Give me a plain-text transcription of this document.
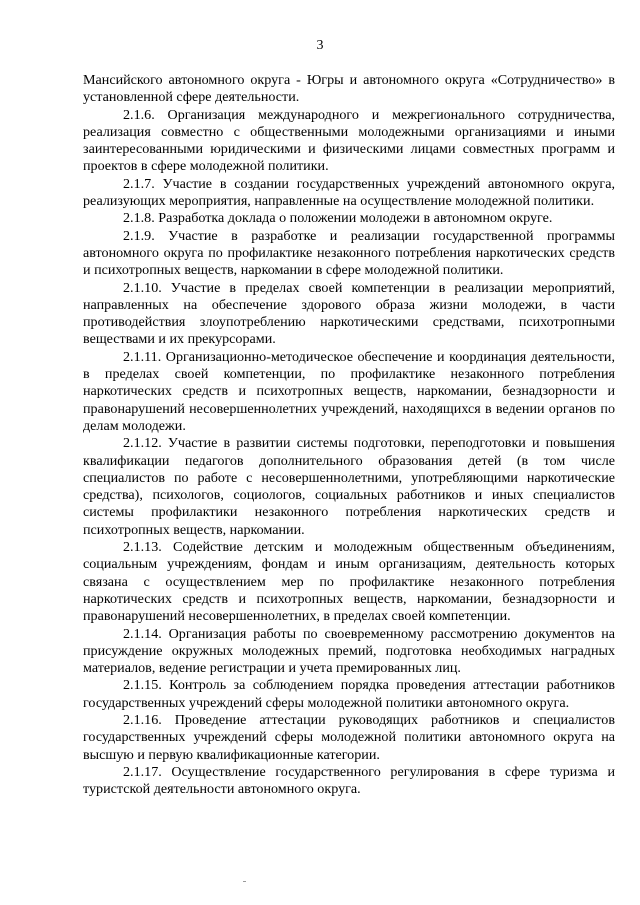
3

Мансийского автономного округа - Югры и автономного округа «Сотрудничество» в установленной сфере деятельности.

2.1.6. Организация международного и межрегионального сотрудничества, реализация совместно с общественными молодежными организациями и иными заинтересованными юридическими и физическими лицами совместных программ и проектов в сфере молодежной политики.

2.1.7. Участие в создании государственных учреждений автономного округа, реализующих мероприятия, направленные на осуществление молодежной политики.

2.1.8. Разработка доклада о положении молодежи в автономном округе.

2.1.9. Участие в разработке и реализации государственной программы автономного округа по профилактике незаконного потребления наркотических средств и психотропных веществ, наркомании в сфере молодежной политики.

2.1.10. Участие в пределах своей компетенции в реализации мероприятий, направленных на обеспечение здорового образа жизни молодежи, в части противодействия злоупотреблению наркотическими средствами, психотропными веществами и их прекурсорами.

2.1.11. Организационно-методическое обеспечение и координация деятельности, в пределах своей компетенции, по профилактике незаконного потребления наркотических средств и психотропных веществ, наркомании, безнадзорности и правонарушений несовершеннолетних учреждений, находящихся в ведении органов по делам молодежи.

2.1.12. Участие в развитии системы подготовки, переподготовки и повышения квалификации педагогов дополнительного образования детей (в том числе специалистов по работе с несовершеннолетними, употребляющими наркотические средства), психологов, социологов, социальных работников и иных специалистов системы профилактики незаконного потребления наркотических средств и психотропных веществ, наркомании.

2.1.13. Содействие детским и молодежным общественным объединениям, социальным учреждениям, фондам и иным организациям, деятельность которых связана с осуществлением мер по профилактике незаконного потребления наркотических средств и психотропных веществ, наркомании, безнадзорности и правонарушений несовершеннолетних, в пределах своей компетенции.

2.1.14. Организация работы по своевременному рассмотрению документов на присуждение окружных молодежных премий, подготовка необходимых наградных материалов, ведение регистрации и учета премированных лиц.

2.1.15. Контроль за соблюдением порядка проведения аттестации работников государственных учреждений сферы молодежной политики автономного округа.

2.1.16. Проведение аттестации руководящих работников и специалистов государственных учреждений сферы молодежной политики автономного округа на высшую и первую квалификационные категории.

2.1.17. Осуществление государственного регулирования в сфере туризма и туристской деятельности автономного округа.
